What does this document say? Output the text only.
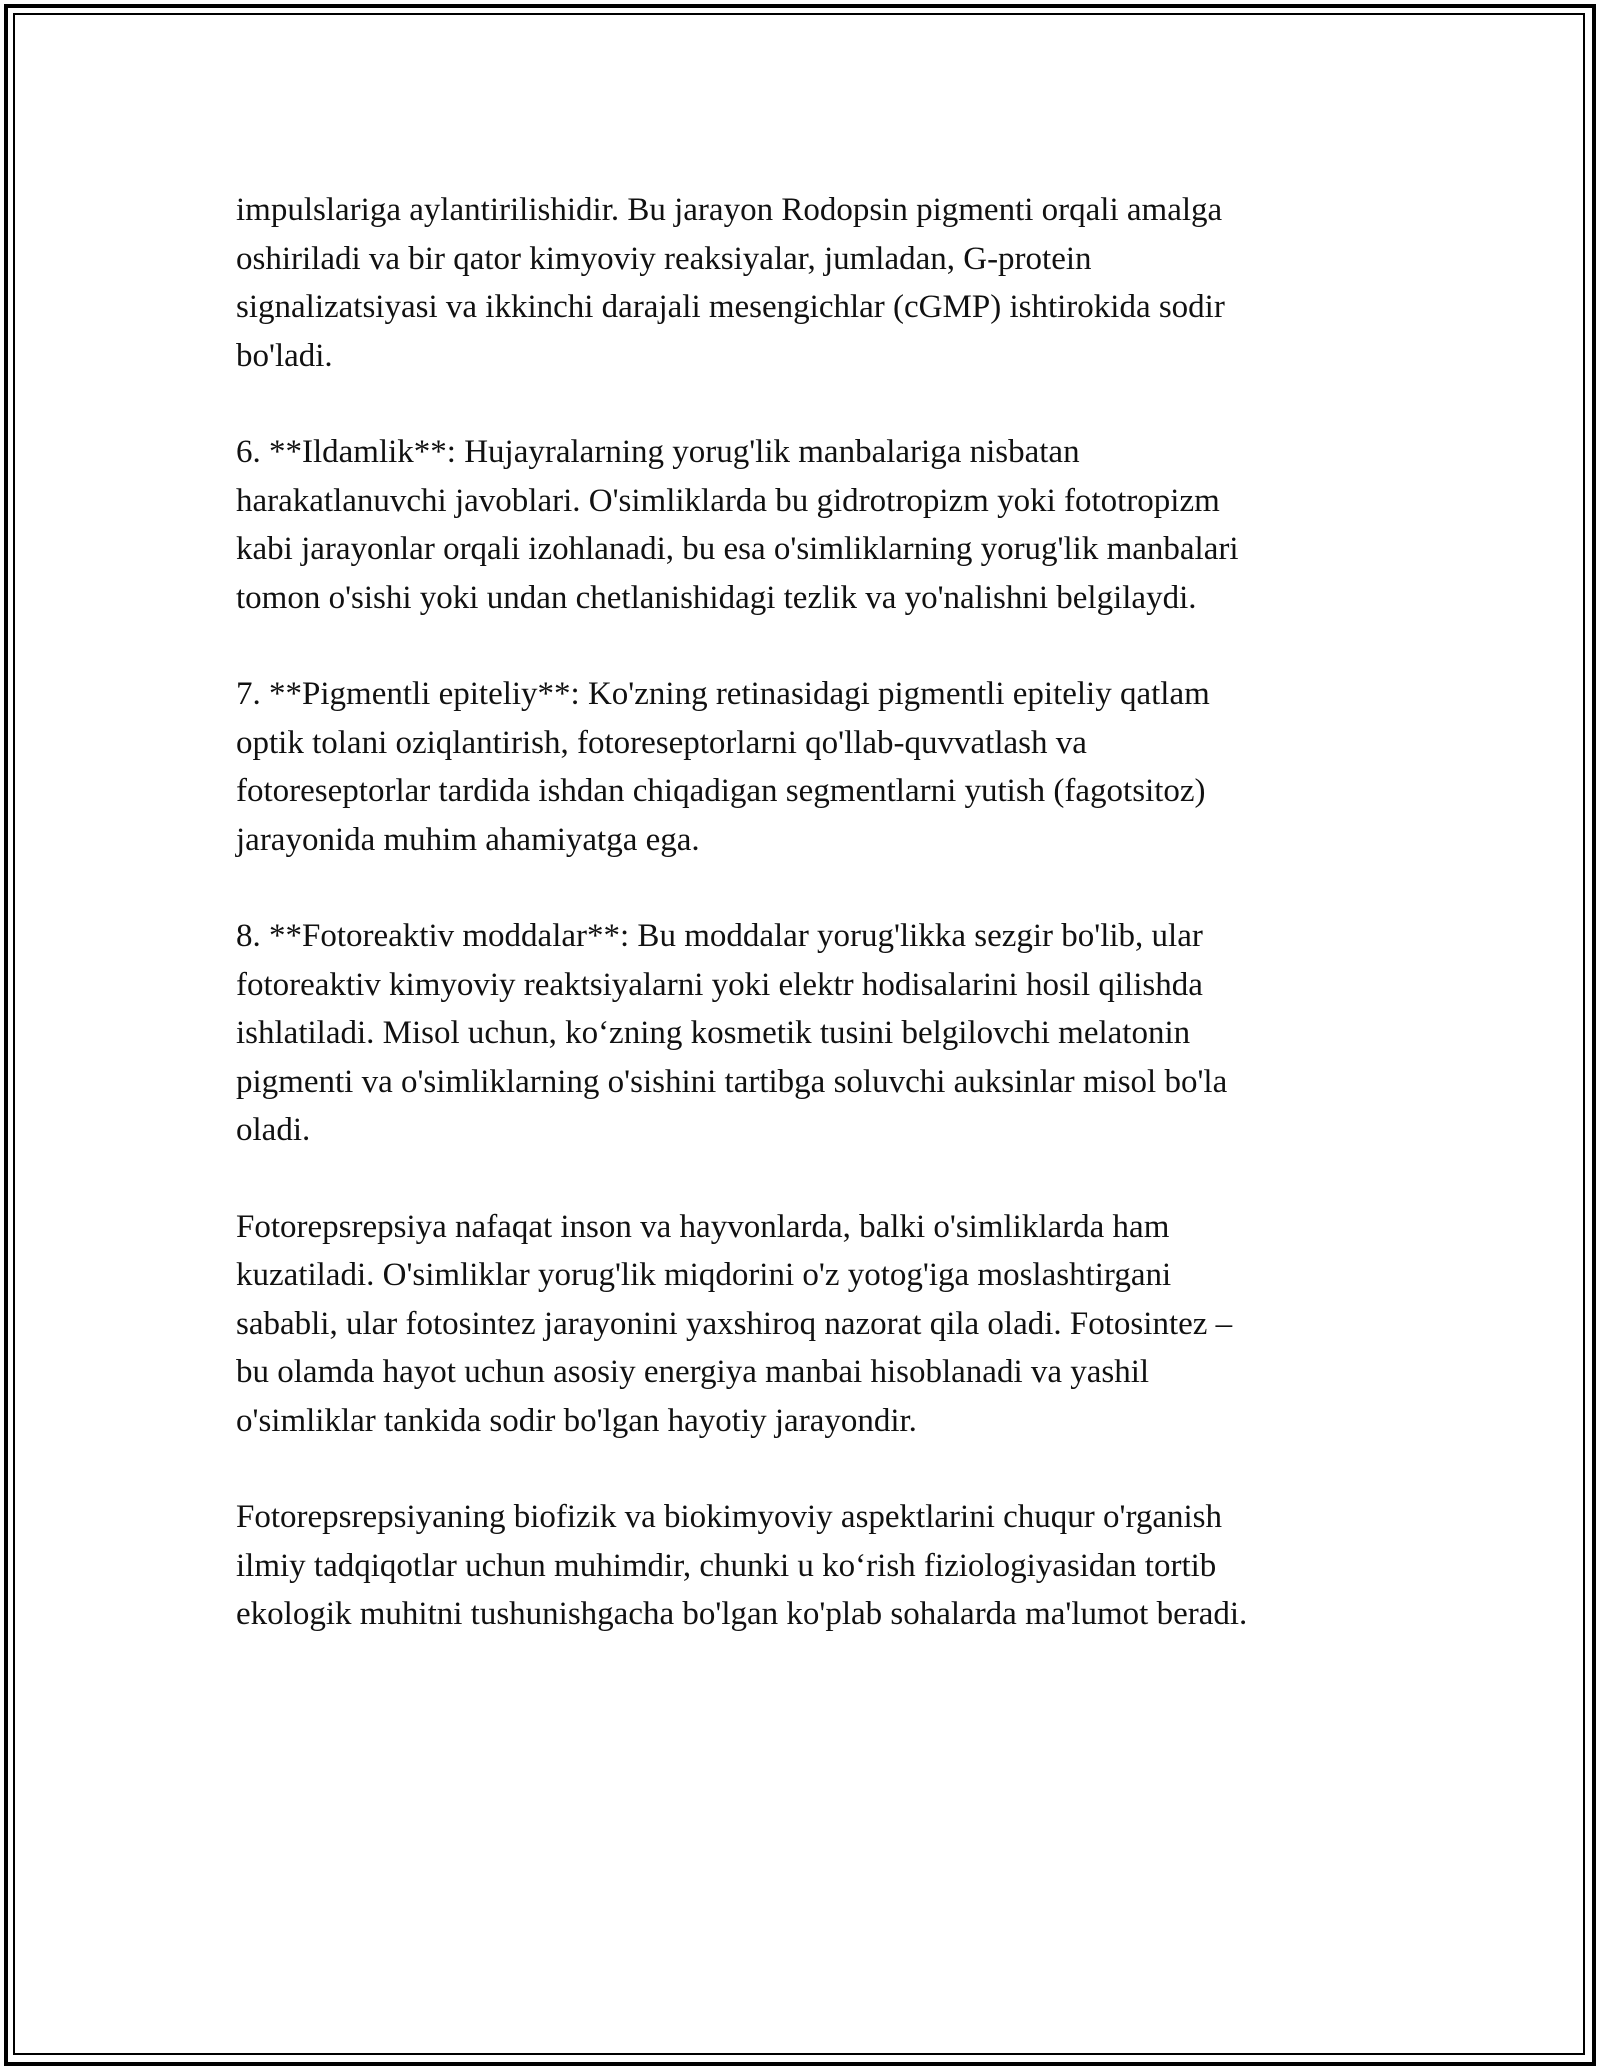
impulslariga aylantirilishidir. Bu jarayon Rodopsin pigmenti orqali amalga
oshiriladi va bir qator kimyoviy reaksiyalar, jumladan, G-protein
signalizatsiyasi va ikkinchi darajali mesengichlar (cGMP) ishtirokida sodir
bo'ladi.

6. **Ildamlik**: Hujayralarning yorug'lik manbalariga nisbatan
harakatlanuvchi javoblari. O'simliklarda bu gidrotropizm yoki fototropizm
kabi jarayonlar orqali izohlanadi, bu esa o'simliklarning yorug'lik manbalari
tomon o'sishi yoki undan chetlanishidagi tezlik va yo'nalishni belgilaydi.

7. **Pigmentli epiteliy**: Ko'zning retinasidagi pigmentli epiteliy qatlam
optik tolani oziqlantirish, fotoreseptorlarni qo'llab-quvvatlash va
fotoreseptorlar tardida ishdan chiqadigan segmentlarni yutish (fagotsitoz)
jarayonida muhim ahamiyatga ega.

8. **Fotoreaktiv moddalar**: Bu moddalar yorug'likka sezgir bo'lib, ular
fotoreaktiv kimyoviy reaktsiyalarni yoki elektr hodisalarini hosil qilishda
ishlatiladi. Misol uchun, ko‘zning kosmetik tusini belgilovchi melatonin
pigmenti va o'simliklarning o'sishini tartibga soluvchi auksinlar misol bo'la
oladi.

Fotorepsrepsiya nafaqat inson va hayvonlarda, balki o'simliklarda ham
kuzatiladi. O'simliklar yorug'lik miqdorini o'z yotog'iga moslashtirgani
sababli, ular fotosintez jarayonini yaxshiroq nazorat qila oladi. Fotosintez –
bu olamda hayot uchun asosiy energiya manbai hisoblanadi va yashil
o'simliklar tankida sodir bo'lgan hayotiy jarayondir.

Fotorepsrepsiyaning biofizik va biokimyoviy aspektlarini chuqur o'rganish
ilmiy tadqiqotlar uchun muhimdir, chunki u ko‘rish fiziologiyasidan tortib
ekologik muhitni tushunishgacha bo'lgan ko'plab sohalarda ma'lumot beradi.
